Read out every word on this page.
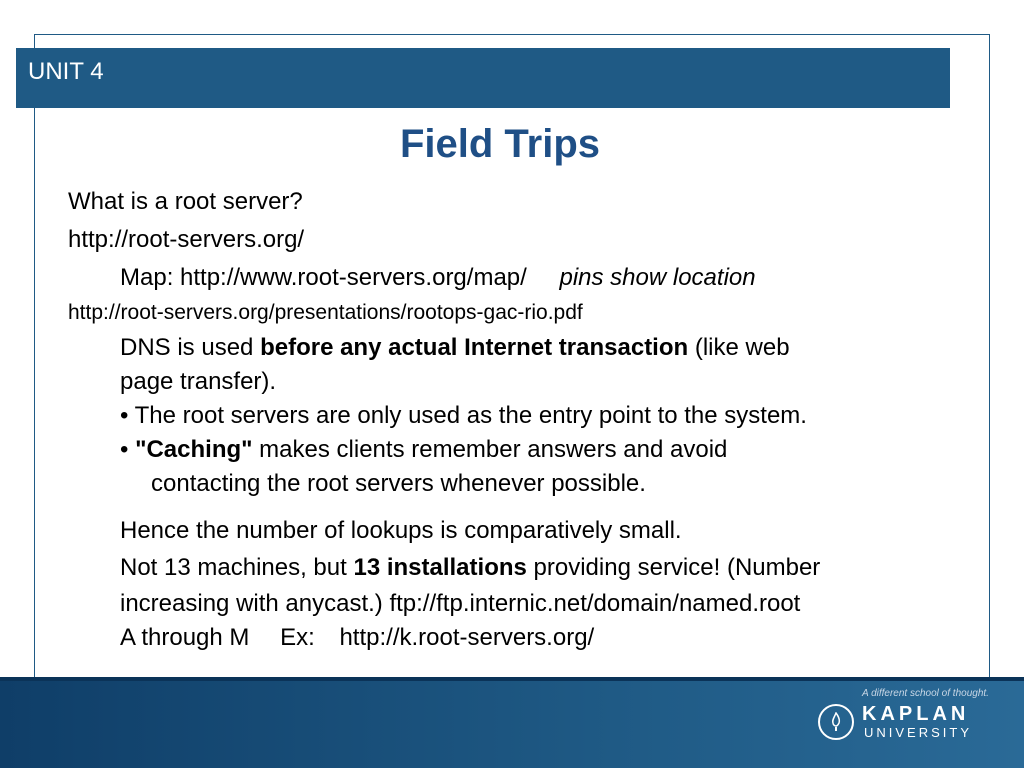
UNIT 4
Field Trips
What is a root server?
http://root-servers.org/
Map: http://www.root-servers.org/map/ pins show location
http://root-servers.org/presentations/rootops-gac-rio.pdf
DNS is used before any actual Internet transaction (like web
page transfer).
• The root servers are only used as the entry point to the system.
• "Caching" makes clients remember answers and avoid
contacting the root servers whenever possible.
Hence the number of lookups is comparatively small.
Not 13 machines, but 13 installations providing service! (Number
increasing with anycast.) ftp://ftp.internic.net/domain/named.root
A through M Ex: http://k.root-servers.org/
A different school of thought.
KAPLAN
UNIVERSITY
